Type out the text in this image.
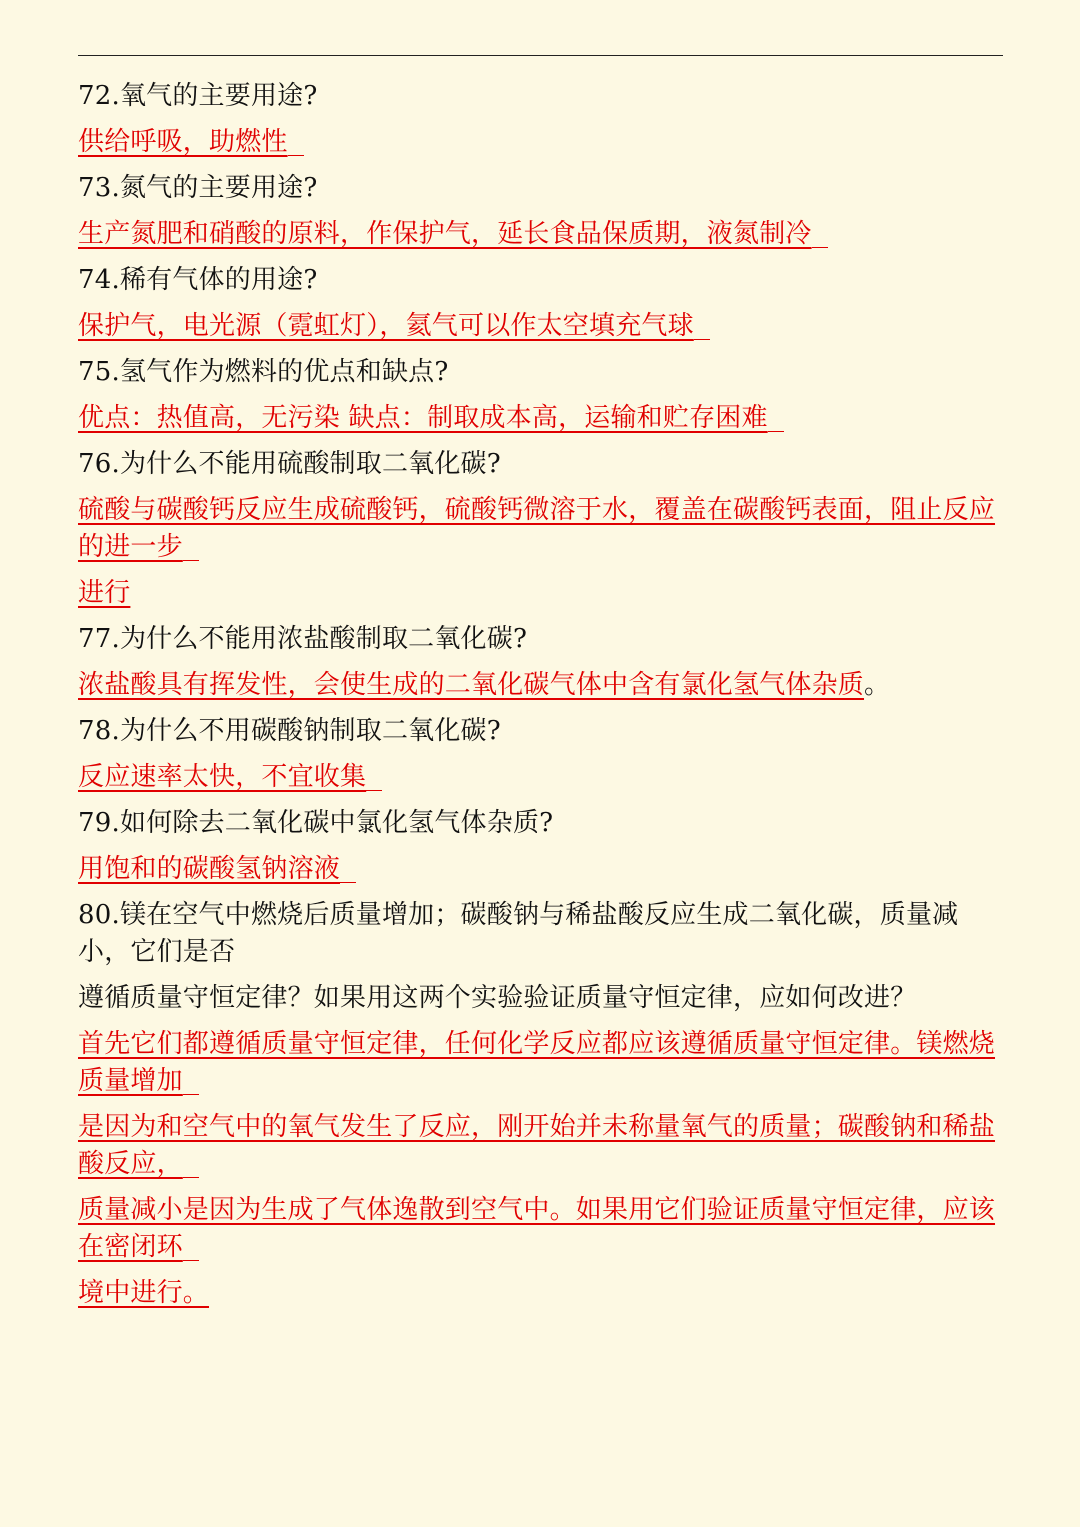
72.氧气的主要用途?
供给呼吸，助燃性
73.氮气的主要用途?
生产氮肥和硝酸的原料，作保护气，延长食品保质期，液氮制冷
74.稀有气体的用途?
保护气，电光源（霓虹灯），氦气可以作太空填充气球
75.氢气作为燃料的优点和缺点?
优点：热值高，无污染 缺点：制取成本高，运输和贮存困难
76.为什么不能用硫酸制取二氧化碳?
硫酸与碳酸钙反应生成硫酸钙，硫酸钙微溶于水，覆盖在碳酸钙表面，阻止反应的进一步
进行
77.为什么不能用浓盐酸制取二氧化碳?
浓盐酸具有挥发性，会使生成的二氧化碳气体中含有氯化氢气体杂质。
78.为什么不用碳酸钠制取二氧化碳?
反应速率太快，不宜收集
79.如何除去二氧化碳中氯化氢气体杂质?
用饱和的碳酸氢钠溶液
80.镁在空气中燃烧后质量增加；碳酸钠与稀盐酸反应生成二氧化碳，质量减小，它们是否
遵循质量守恒定律？如果用这两个实验验证质量守恒定律，应如何改进？
首先它们都遵循质量守恒定律，任何化学反应都应该遵循质量守恒定律。镁燃烧质量增加
是因为和空气中的氧气发生了反应，刚开始并未称量氧气的质量；碳酸钠和稀盐酸反应，
质量减小是因为生成了气体逸散到空气中。如果用它们验证质量守恒定律，应该在密闭环
境中进行。
